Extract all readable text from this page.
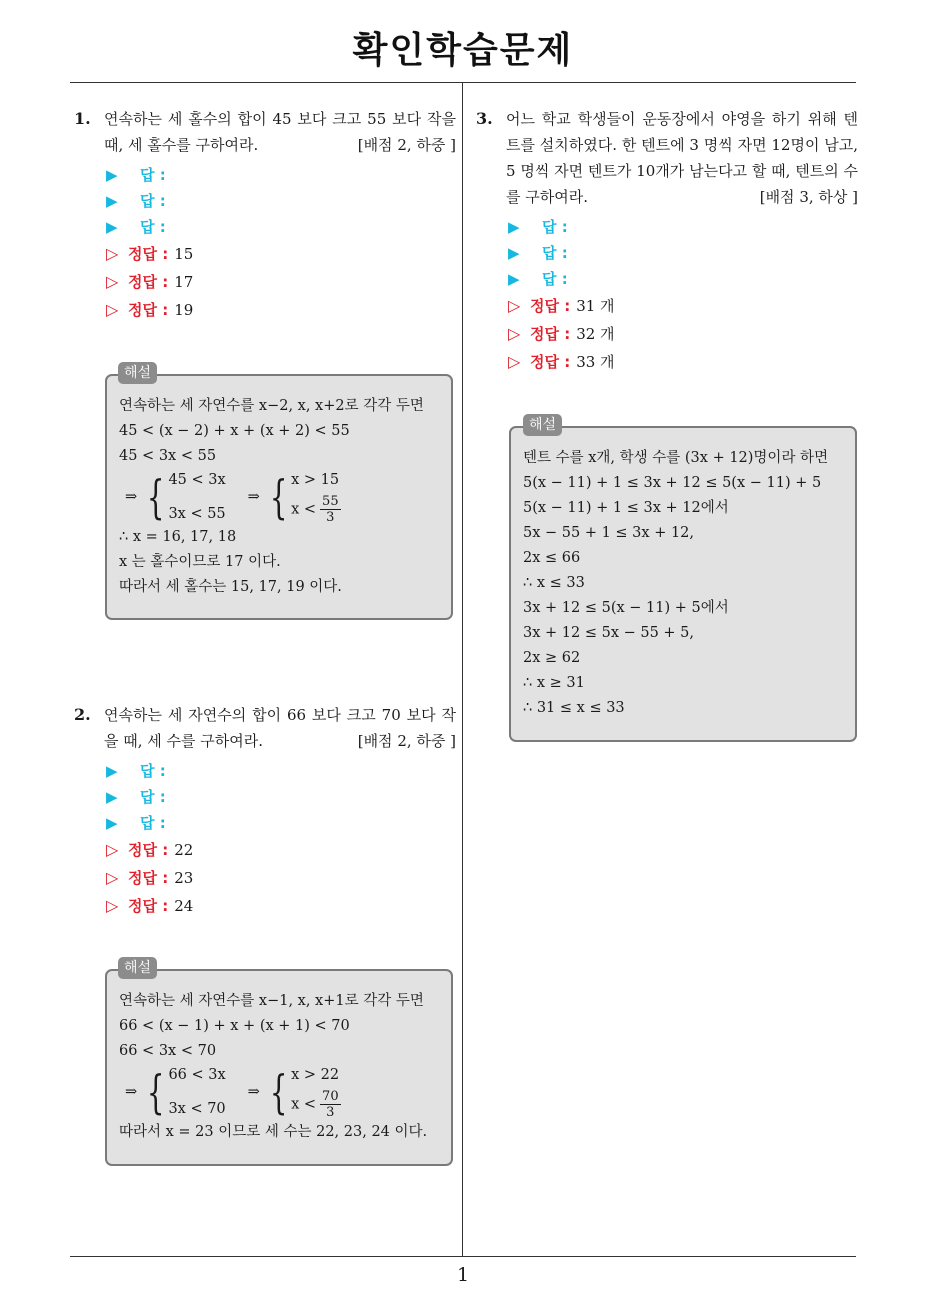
확인학습문제
1
1. 연속하는 세 홀수의 합이 45 보다 크고 55 보다 작을 때, 세 홀수를 구하여라.	[배점 2, 하중 ]
▶ 답 :
▶ 답 :
▶ 답 :
▷ 정답 : 15
▷ 정답 : 17
▷ 정답 : 19
연속하는 세 자연수를 x−2, x, x+2로 각각 두면
45 < (x − 2) + x + (x + 2) < 55
45 < 3x < 55
⇒ { 45 < 3x
3x < 55
⇒ { x > 15
$x < \frac{55}{3}$
∴ x = 16, 17, 18
x 는 홀수이므로 17 이다.
따라서 세 홀수는 15, 17, 19 이다.
해설
2. 연속하는 세 자연수의 합이 66 보다 크고 70 보다 작을 때, 세 수를 구하여라.	[배점 2, 하중 ]
▶ 답 :
▶ 답 :
▶ 답 :
▷ 정답 : 22
▷ 정답 : 23
▷ 정답 : 24
연속하는 세 자연수를 x−1, x, x+1로 각각 두면
66 < (x − 1) + x + (x + 1) < 70
66 < 3x < 70
⇒ { 66 < 3x
3x < 70
⇒ { x > 22
$x < \frac{70}{3}$
따라서 x = 23 이므로 세 수는 22, 23, 24 이다.
해설
3. 어느 학교 학생들이 운동장에서 야영을 하기 위해 텐트를 설치하였다. 한 텐트에 3 명씩 자면 12명이 남고, 5 명씩 자면 텐트가 10개가 남는다고 할 때, 텐트의 수를 구하여라.	[배점 3, 하상 ]
▶ 답 :
▶ 답 :
▶ 답 :
▷ 정답 : 31 개
▷ 정답 : 32 개
▷ 정답 : 33 개
텐트 수를 x개, 학생 수를 (3x + 12)명이라 하면
5(x − 11) + 1 ≤ 3x + 12 ≤ 5(x − 11) + 5
5(x − 11) + 1 ≤ 3x + 12에서
5x − 55 + 1 ≤ 3x + 12,
2x ≤ 66
∴ x ≤ 33
3x + 12 ≤ 5(x − 11) + 5에서
3x + 12 ≤ 5x − 55 + 5,
2x ≥ 62
∴ x ≥ 31
∴ 31 ≤ x ≤ 33
해설
